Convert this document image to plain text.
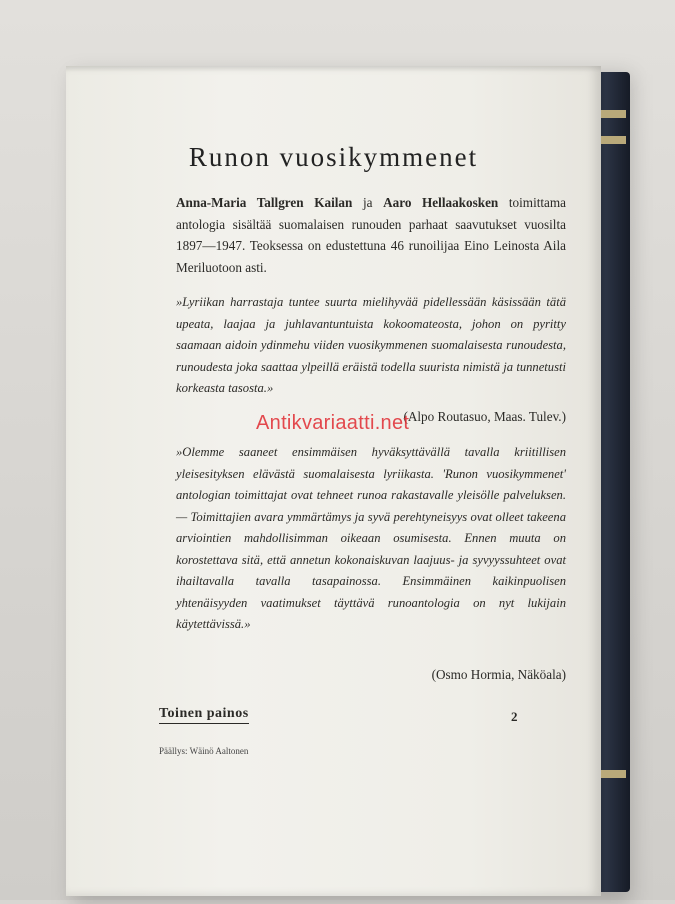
Runon vuosikymmenet
Anna-Maria Tallgren Kailan ja Aaro Hellaakosken toimittama antologia sisältää suomalaisen runouden parhaat saavutukset vuosilta 1897—1947. Teoksessa on edustettuna 46 runoilijaa Eino Leinosta Aila Meriluotoon asti.
»Lyriikan harrastaja tuntee suurta mielihyvää pidellessään käsissään tätä upeata, laajaa ja juhlavantuntuista kokoomateosta, johon on pyritty saamaan aidoin ydinmehu viiden vuosikymmenen suomalaisesta runoudesta, runoudesta joka saattaa ylpeillä eräistä todella suurista nimistä ja tunnetusti korkeasta tasosta.»
(Alpo Routasuo, Maas. Tulev.)
»Olemme saaneet ensimmäisen hyväksyttävällä tavalla kriitillisen yleisesityksen elävästä suomalaisesta lyriikasta. 'Runon vuosikymmenet' antologian toimittajat ovat tehneet runoa rakastavalle yleisölle palveluksen. — Toimittajien avara ymmärtämys ja syvä perehtyneisyys ovat olleet takeena arviointien mahdollisimman oikeaan osumisesta. Ennen muuta on korostettava sitä, että annetun kokonaiskuvan laajuus- ja syvyyssuhteet ovat ihailtavalla tavalla tasapainossa. Ensimmäinen kaikinpuolisen yhtenäisyyden vaatimukset täyttävä runoantologia on nyt lukijain käytettävissä.»
(Osmo Hormia, Näköala)
Toinen painos	2
Päällys: Wäinö Aaltonen
Antikvariaatti.net
